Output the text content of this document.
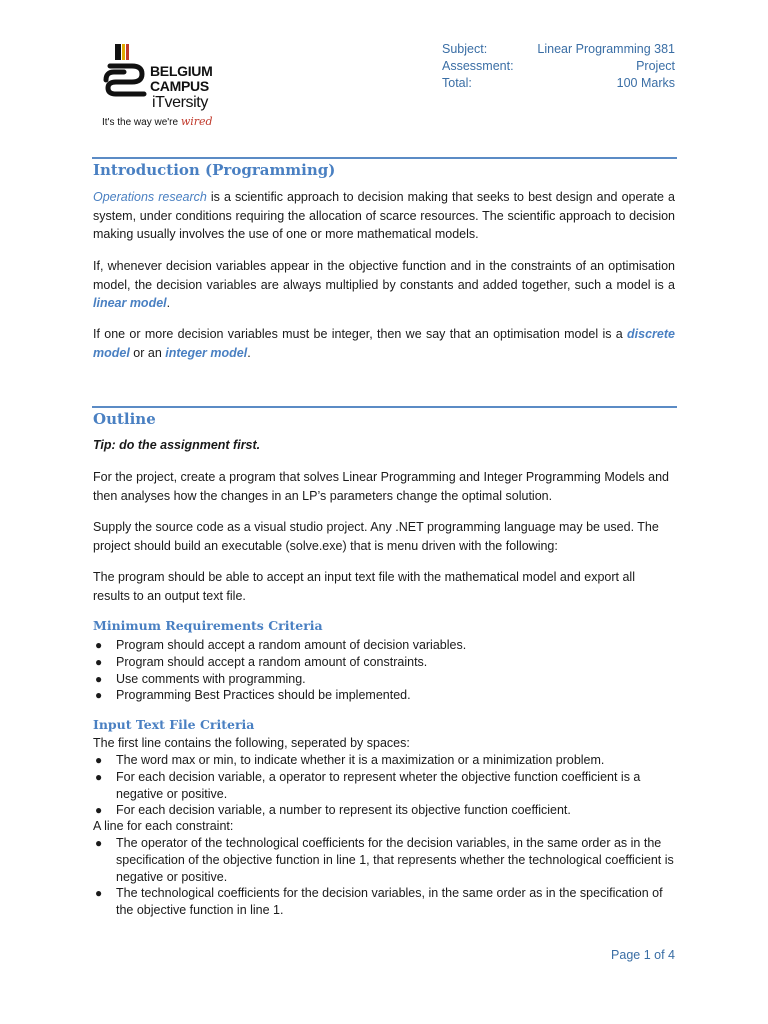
BELGIUM
CAMPUS
iTversity
It's the way we're wired
Subject:	Linear Programming 381
Assessment:	Project
Total:	100 Marks
Introduction (Programming)
Operations research is a scientific approach to decision making that seeks to best design and operate a system, under conditions requiring the allocation of scarce resources. The scientific approach to decision making usually involves the use of one or more mathematical models.
If, whenever decision variables appear in the objective function and in the constraints of an optimisation model, the decision variables are always multiplied by constants and added together, such a model is a linear model.
If one or more decision variables must be integer, then we say that an optimisation model is a discrete model or an integer model.
Outline
Tip: do the assignment first.
For the project, create a program that solves Linear Programming and Integer Programming Models and then analyses how the changes in an LP’s parameters change the optimal solution.
Supply the source code as a visual studio project. Any .NET programming language may be used. The project should build an executable (solve.exe) that is menu driven with the following:
The program should be able to accept an input text file with the mathematical model and export all results to an output text file.
Minimum Requirements Criteria
● Program should accept a random amount of decision variables.
● Program should accept a random amount of constraints.
● Use comments with programming.
● Programming Best Practices should be implemented.
Input Text File Criteria
The first line contains the following, seperated by spaces:
● The word max or min, to indicate whether it is a maximization or a minimization problem.
● For each decision variable, a operator to represent wheter the objective function coefficient is a negative or positive.
● For each decision variable, a number to represent its objective function coefficient.
A line for each constraint:
● The operator of the technological coefficients for the decision variables, in the same order as in the specification of the objective function in line 1, that represents whether the technological coefficient is negative or positive.
● The technological coefficients for the decision variables, in the same order as in the specification of the objective function in line 1.
Page 1 of 4
